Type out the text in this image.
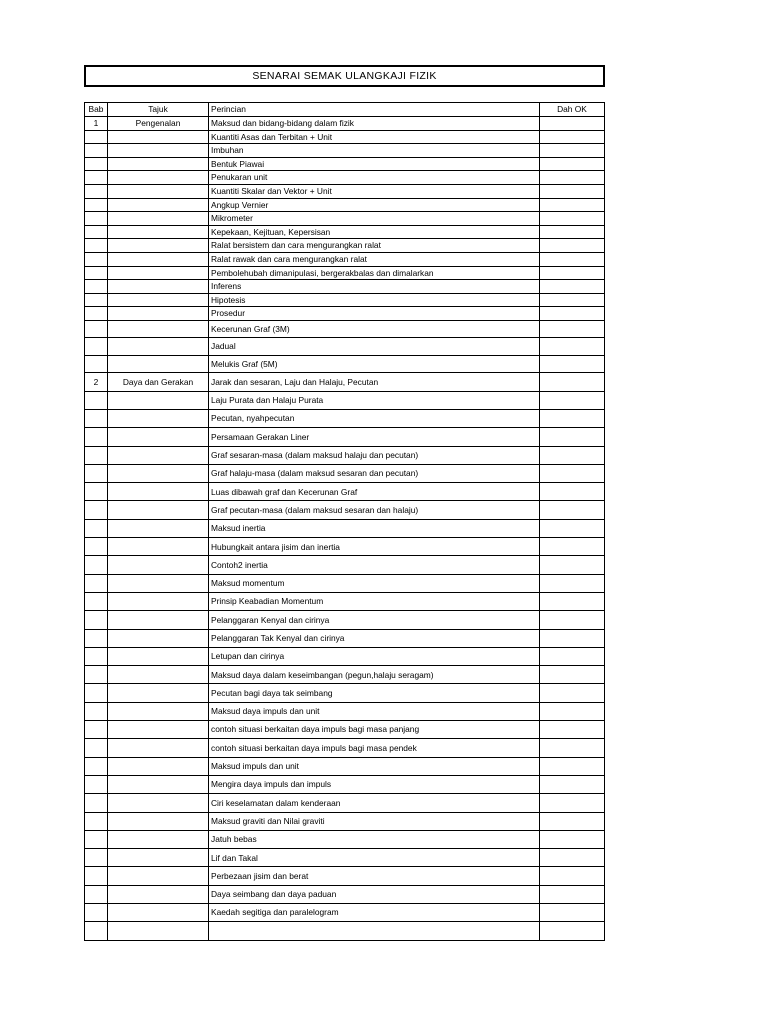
SENARAI SEMAK ULANGKAJI FIZIK
Bab	Tajuk	Perincian	Dah OK
1	Pengenalan	Maksud dan bidang-bidang dalam fizik	
		Kuantiti Asas dan Terbitan + Unit	
		Imbuhan	
		Bentuk Piawai	
		Penukaran unit	
		Kuantiti Skalar dan Vektor + Unit	
		Angkup Vernier	
		Mikrometer	
		Kepekaan, Kejituan, Kepersisan	
		Ralat bersistem dan cara mengurangkan ralat	
		Ralat rawak dan cara mengurangkan ralat	
		Pembolehubah dimanipulasi, bergerakbalas dan dimalarkan	
		Inferens	
		Hipotesis	
		Prosedur	
		Kecerunan Graf (3M)	
		Jadual	
		Melukis Graf (5M)	
2	Daya dan Gerakan	Jarak dan sesaran, Laju dan Halaju, Pecutan	
		Laju Purata dan Halaju Purata	
		Pecutan, nyahpecutan	
		Persamaan Gerakan Liner	
		Graf sesaran-masa (dalam maksud halaju dan pecutan)	
		Graf halaju-masa (dalam maksud sesaran dan pecutan)	
		Luas dibawah graf dan Kecerunan Graf	
		Graf pecutan-masa (dalam maksud sesaran dan halaju)	
		Maksud inertia	
		Hubungkait antara jisim dan inertia	
		Contoh2 inertia	
		Maksud momentum	
		Prinsip Keabadian Momentum	
		Pelanggaran Kenyal dan cirinya	
		Pelanggaran Tak Kenyal dan cirinya	
		Letupan dan cirinya	
		Maksud daya dalam keseimbangan (pegun,halaju seragam)	
		Pecutan bagi daya tak seimbang	
		Maksud daya impuls dan unit	
		contoh situasi berkaitan daya impuls bagi masa panjang	
		contoh situasi berkaitan daya impuls bagi masa pendek	
		Maksud impuls dan unit	
		Mengira daya impuls dan impuls	
		Ciri keselamatan dalam kenderaan	
		Maksud graviti dan Nilai graviti	
		Jatuh bebas	
		Lif dan Takal	
		Perbezaan jisim dan berat	
		Daya seimbang dan daya paduan	
		Kaedah segitiga dan paralelogram	
